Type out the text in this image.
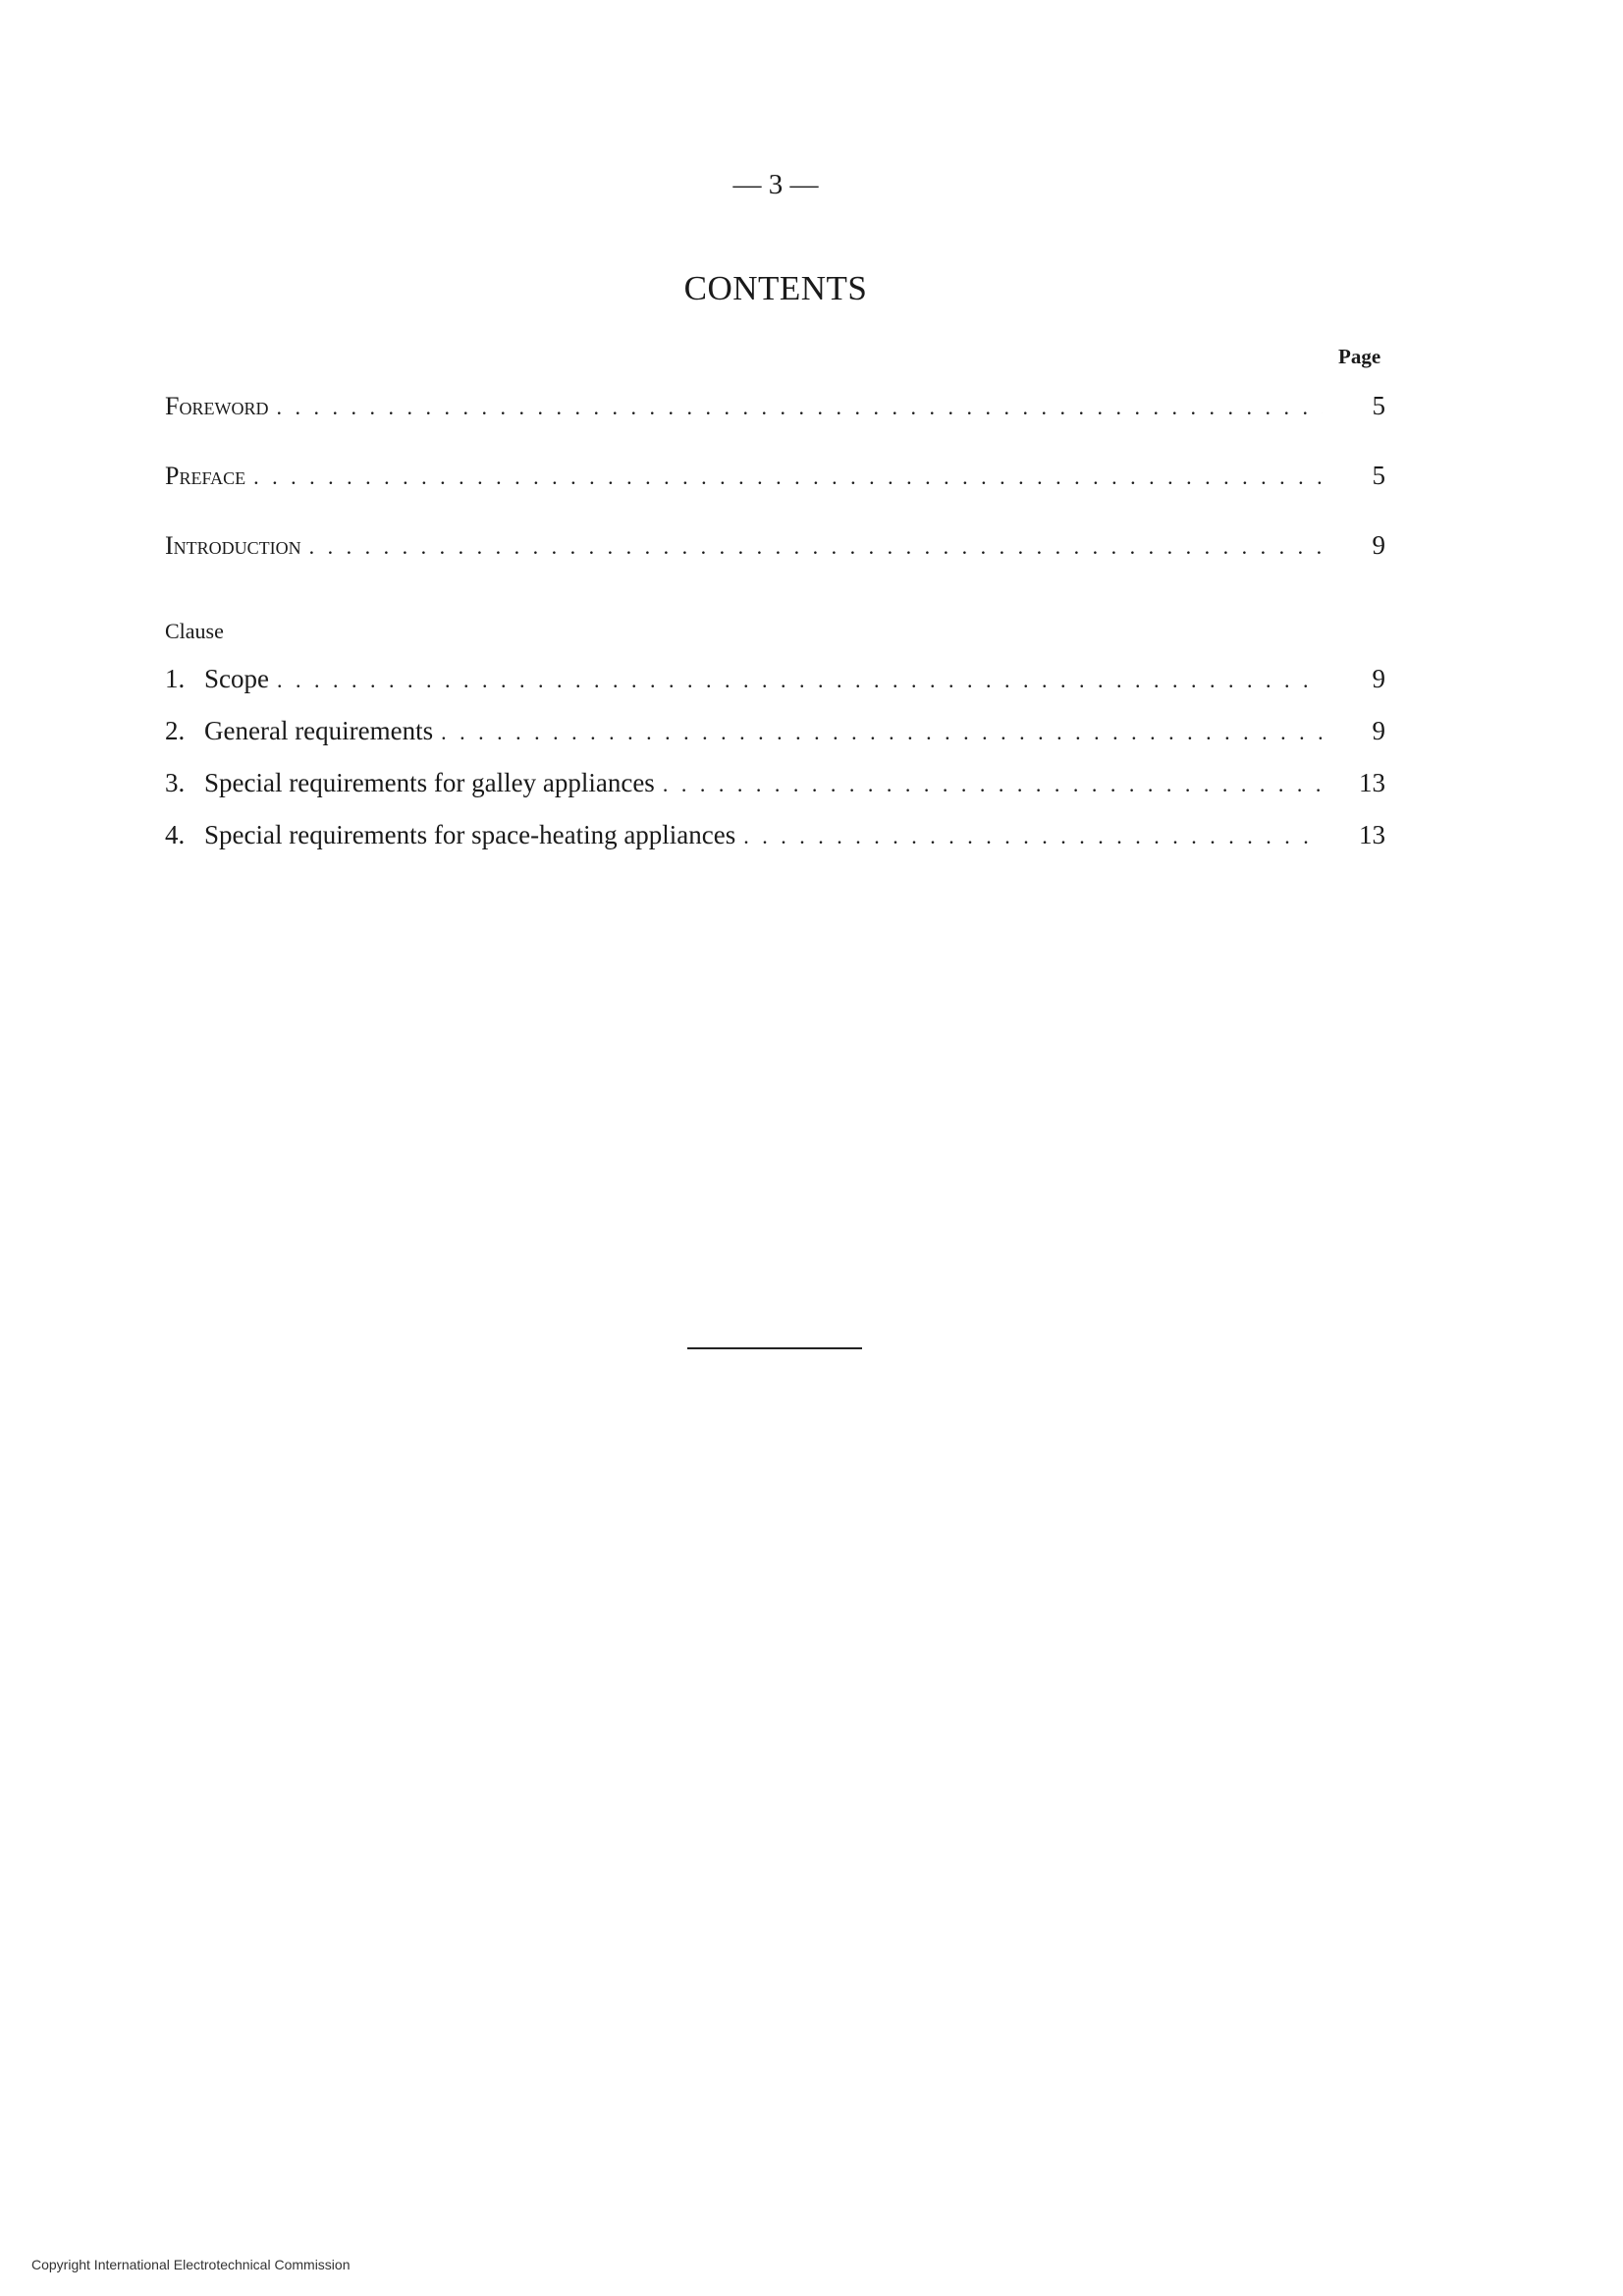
— 3 —
CONTENTS
Page
Foreword . . .	5
Preface . . .	5
Introduction . . .	9
Clause
1. Scope . . .	9
2. General requirements . . .	9
3. Special requirements for galley appliances . . .	13
4. Special requirements for space-heating appliances . . .	13
Copyright International Electrotechnical Commission
